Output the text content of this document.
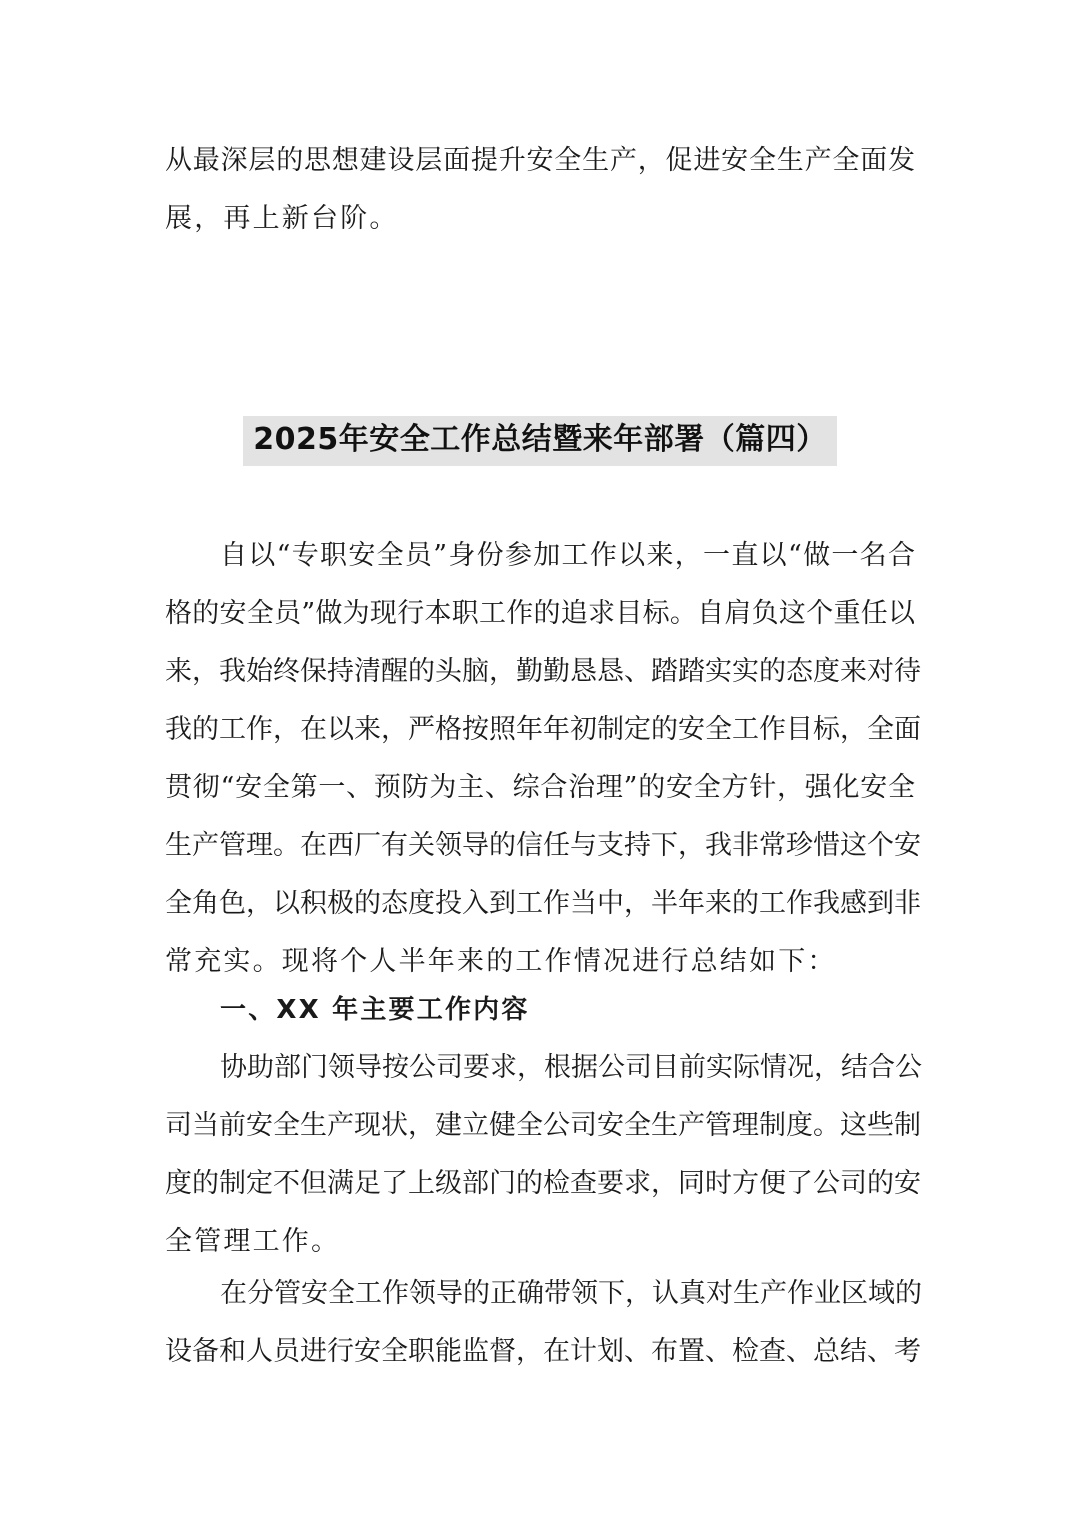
从最深层的思想建设层面提升安全生产，促进安全生产全面发
展，再上新台阶。
2025年安全工作总结暨来年部署（篇四）
自以“专职安全员”身份参加工作以来，一直以“做一名合
格的安全员”做为现行本职工作的追求目标。自肩负这个重任以
来，我始终保持清醒的头脑，勤勤恳恳、踏踏实实的态度来对待
我的工作，在以来，严格按照年年初制定的安全工作目标，全面
贯彻“安全第一、预防为主、综合治理”的安全方针，强化安全
生产管理。在西厂有关领导的信任与支持下，我非常珍惜这个安
全角色，以积极的态度投入到工作当中，半年来的工作我感到非
常充实。现将个人半年来的工作情况进行总结如下：
一、XX 年主要工作内容
协助部门领导按公司要求，根据公司目前实际情况，结合公
司当前安全生产现状，建立健全公司安全生产管理制度。这些制
度的制定不但满足了上级部门的检查要求，同时方便了公司的安
全管理工作。
在分管安全工作领导的正确带领下，认真对生产作业区域的
设备和人员进行安全职能监督，在计划、布置、检查、总结、考
